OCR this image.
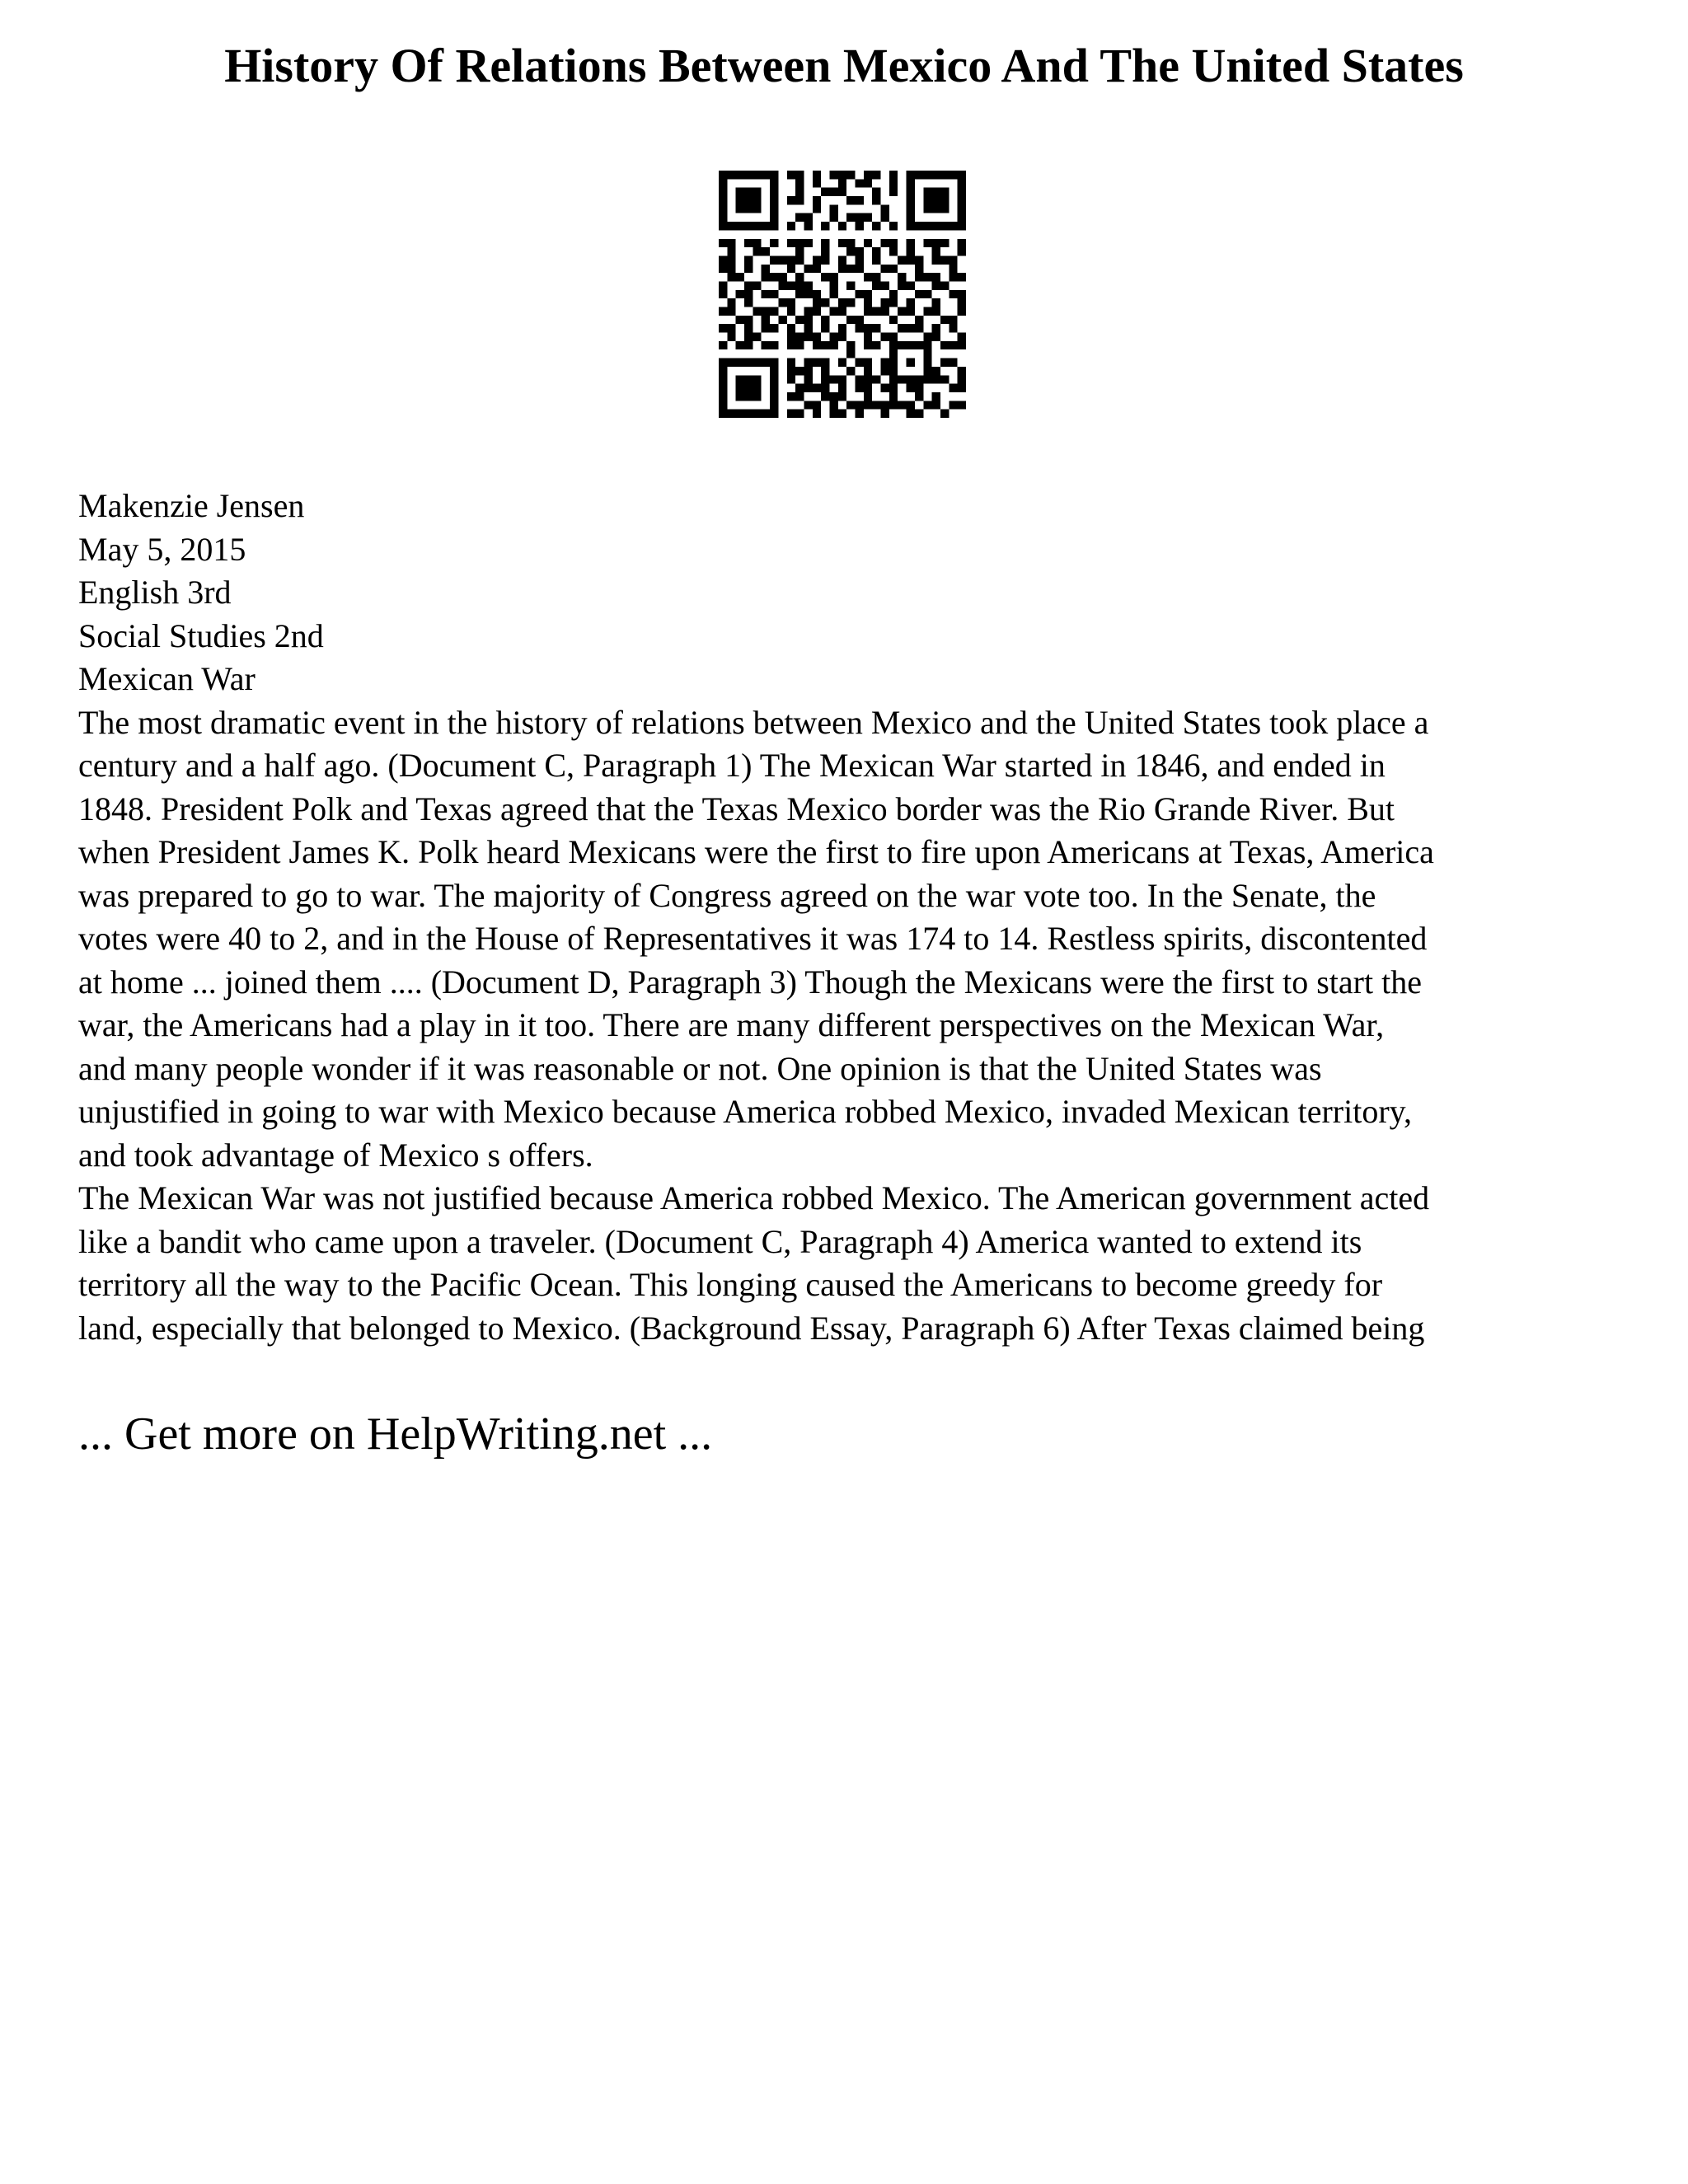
History Of Relations Between Mexico And The United States
Makenzie Jensen
May 5, 2015
English 3rd
Social Studies 2nd
Mexican War
The most dramatic event in the history of relations between Mexico and the United States took place a
century and a half ago. (Document C, Paragraph 1) The Mexican War started in 1846, and ended in
1848. President Polk and Texas agreed that the Texas Mexico border was the Rio Grande River. But
when President James K. Polk heard Mexicans were the first to fire upon Americans at Texas, America
was prepared to go to war. The majority of Congress agreed on the war vote too. In the Senate, the
votes were 40 to 2, and in the House of Representatives it was 174 to 14. Restless spirits, discontented
at home ... joined them .... (Document D, Paragraph 3) Though the Mexicans were the first to start the
war, the Americans had a play in it too. There are many different perspectives on the Mexican War,
and many people wonder if it was reasonable or not. One opinion is that the United States was
unjustified in going to war with Mexico because America robbed Mexico, invaded Mexican territory,
and took advantage of Mexico s offers.
The Mexican War was not justified because America robbed Mexico. The American government acted
like a bandit who came upon a traveler. (Document C, Paragraph 4) America wanted to extend its
territory all the way to the Pacific Ocean. This longing caused the Americans to become greedy for
land, especially that belonged to Mexico. (Background Essay, Paragraph 6) After Texas claimed being
... Get more on HelpWriting.net ...
